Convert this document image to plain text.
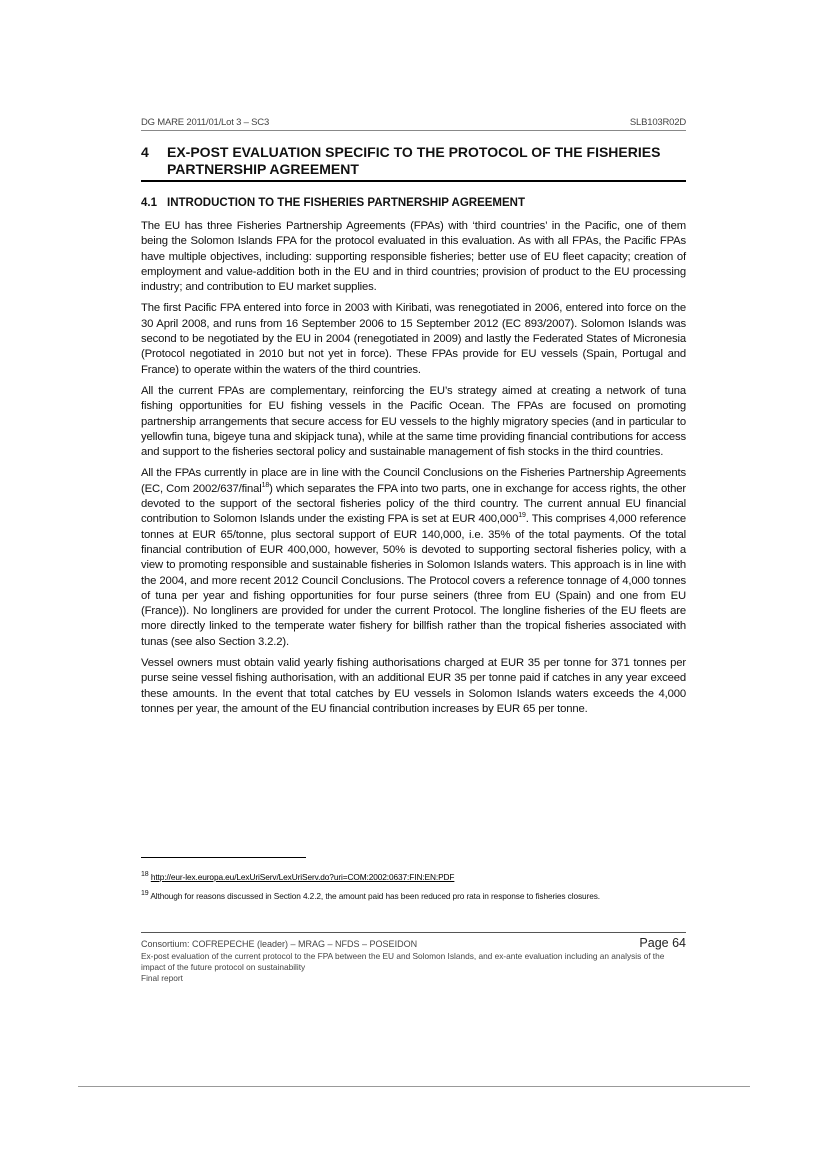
DG MARE 2011/01/Lot 3 – SC3	SLB103R02D
4	EX-POST EVALUATION SPECIFIC TO THE PROTOCOL OF THE FISHERIES PARTNERSHIP AGREEMENT
4.1 INTRODUCTION TO THE FISHERIES PARTNERSHIP AGREEMENT

The EU has three Fisheries Partnership Agreements (FPAs) with ‘third countries’ in the Pacific, one of them being the Solomon Islands FPA for the protocol evaluated in this evaluation. As with all FPAs, the Pacific FPAs have multiple objectives, including: supporting responsible fisheries; better use of EU fleet capacity; creation of employment and value-addition both in the EU and in third countries; provision of product to the EU processing industry; and contribution to EU market supplies.

The first Pacific FPA entered into force in 2003 with Kiribati, was renegotiated in 2006, entered into force on the 30 April 2008, and runs from 16 September 2006 to 15 September 2012 (EC 893/2007). Solomon Islands was second to be negotiated by the EU in 2004 (renegotiated in 2009) and lastly the Federated States of Micronesia (Protocol negotiated in 2010 but not yet in force). These FPAs provide for EU vessels (Spain, Portugal and France) to operate within the waters of the third countries.

All the current FPAs are complementary, reinforcing the EU’s strategy aimed at creating a network of tuna fishing opportunities for EU fishing vessels in the Pacific Ocean. The FPAs are focused on promoting partnership arrangements that secure access for EU vessels to the highly migratory species (and in particular to yellowfin tuna, bigeye tuna and skipjack tuna), while at the same time providing financial contributions for access and support to the fisheries sectoral policy and sustainable management of fish stocks in the third countries.

All the FPAs currently in place are in line with the Council Conclusions on the Fisheries Partnership Agreements (EC, Com 2002/637/final$^{18}$) which separates the FPA into two parts, one in exchange for access rights, the other devoted to the support of the sectoral fisheries policy of the third country. The current annual EU financial contribution to Solomon Islands under the existing FPA is set at EUR 400,000$^{19}$. This comprises 4,000 reference tonnes at EUR 65/tonne, plus sectoral support of EUR 140,000, i.e. 35% of the total payments. Of the total financial contribution of EUR 400,000, however, 50% is devoted to supporting sectoral fisheries policy, with a view to promoting responsible and sustainable fisheries in Solomon Islands waters. This approach is in line with the 2004, and more recent 2012 Council Conclusions. The Protocol covers a reference tonnage of 4,000 tonnes of tuna per year and fishing opportunities for four purse seiners (three from EU (Spain) and one from EU (France)). No longliners are provided for under the current Protocol. The longline fisheries of the EU fleets are more directly linked to the temperate water fishery for billfish rather than the tropical fisheries associated with tunas (see also Section 3.2.2).

Vessel owners must obtain valid yearly fishing authorisations charged at EUR 35 per tonne for 371 tonnes per purse seine vessel fishing authorisation, with an additional EUR 35 per tonne paid if catches in any year exceed these amounts. In the event that total catches by EU vessels in Solomon Islands waters exceeds the 4,000 tonnes per year, the amount of the EU financial contribution increases by EUR 65 per tonne.

$^{18}$ http://eur-lex.europa.eu/LexUriServ/LexUriServ.do?uri=COM:2002:0637:FIN:EN:PDF
$^{19}$ Although for reasons discussed in Section 4.2.2, the amount paid has been reduced pro rata in response to fisheries closures.
Consortium: COFREPECHE (leader) – MRAG – NFDS – POSEIDON	Page 64
Ex-post evaluation of the current protocol to the FPA between the EU and Solomon Islands, and ex-ante evaluation including an analysis of the impact of the future protocol on sustainability
Final report
